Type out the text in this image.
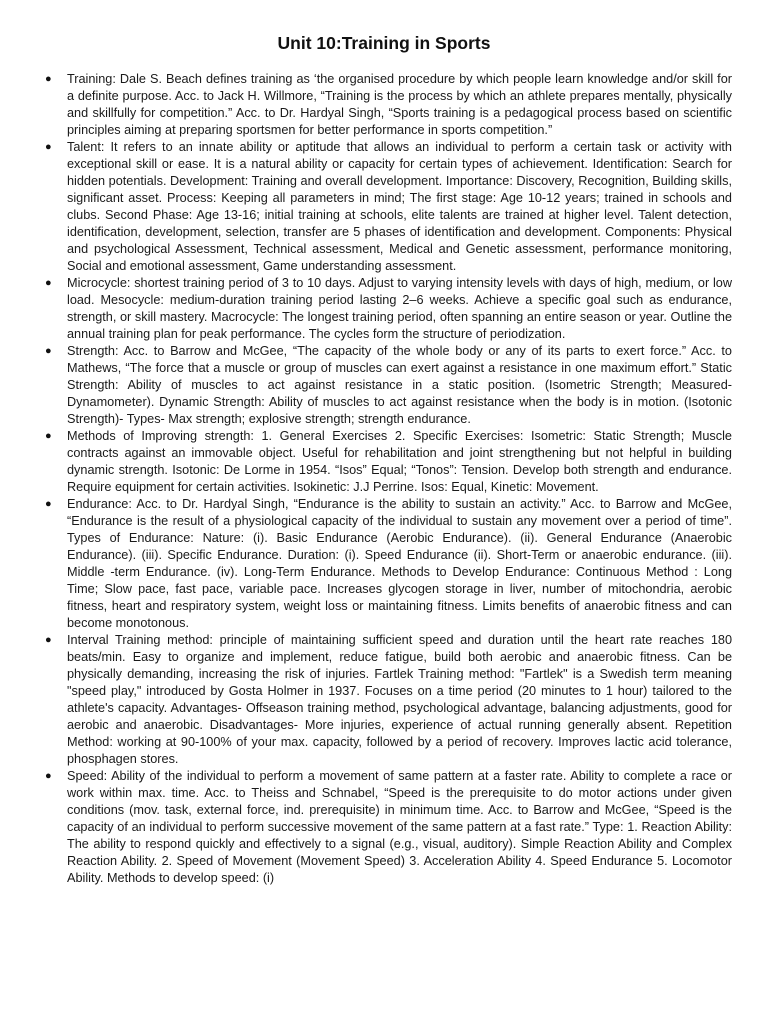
Unit 10:Training in Sports
● Training: Dale S. Beach defines training as ‘the organised procedure by which people learn knowledge and/or skill for a definite purpose. Acc. to Jack H. Willmore, “Training is the process by which an athlete prepares mentally, physically and skillfully for competition.” Acc. to Dr. Hardyal Singh, “Sports training is a pedagogical process based on scientific principles aiming at preparing sportsmen for better performance in sports competition.”
● Talent: It refers to an innate ability or aptitude that allows an individual to perform a certain task or activity with exceptional skill or ease. It is a natural ability or capacity for certain types of achievement. Identification: Search for hidden potentials. Development: Training and overall development. Importance: Discovery, Recognition, Building skills, significant asset. Process: Keeping all parameters in mind; The first stage: Age 10-12 years; trained in schools and clubs. Second Phase: Age 13-16; initial training at schools, elite talents are trained at higher level. Talent detection, identification, development, selection, transfer are 5 phases of identification and development. Components: Physical and psychological Assessment, Technical assessment, Medical and Genetic assessment, performance monitoring, Social and emotional assessment, Game understanding assessment.
● Microcycle: shortest training period of 3 to 10 days. Adjust to varying intensity levels with days of high, medium, or low load. Mesocycle: medium-duration training period lasting 2–6 weeks. Achieve a specific goal such as endurance, strength, or skill mastery. Macrocycle: The longest training period, often spanning an entire season or year. Outline the annual training plan for peak performance. The cycles form the structure of periodization.
● Strength: Acc. to Barrow and McGee, “The capacity of the whole body or any of its parts to exert force.” Acc. to Mathews, “The force that a muscle or group of muscles can exert against a resistance in one maximum effort.” Static Strength: Ability of muscles to act against resistance in a static position. (Isometric Strength; Measured- Dynamometer). Dynamic Strength: Ability of muscles to act against resistance when the body is in motion. (Isotonic Strength)- Types- Max strength; explosive strength; strength endurance.
● Methods of Improving strength: 1. General Exercises 2. Specific Exercises: Isometric: Static Strength; Muscle contracts against an immovable object. Useful for rehabilitation and joint strengthening but not helpful in building dynamic strength. Isotonic: De Lorme in 1954. “Isos” Equal; “Tonos”: Tension. Develop both strength and endurance. Require equipment for certain activities. Isokinetic: J.J Perrine. Isos: Equal, Kinetic: Movement.
● Endurance: Acc. to Dr. Hardyal Singh, “Endurance is the ability to sustain an activity.” Acc. to Barrow and McGee, “Endurance is the result of a physiological capacity of the individual to sustain any movement over a period of time”. Types of Endurance: Nature: (i). Basic Endurance (Aerobic Endurance). (ii). General Endurance (Anaerobic Endurance). (iii). Specific Endurance. Duration: (i). Speed Endurance (ii). Short-Term or anaerobic endurance. (iii). Middle -term Endurance. (iv). Long-Term Endurance. Methods to Develop Endurance: Continuous Method : Long Time; Slow pace, fast pace, variable pace. Increases glycogen storage in liver, number of mitochondria, aerobic fitness, heart and respiratory system, weight loss or maintaining fitness. Limits benefits of anaerobic fitness and can become monotonous.
● Interval Training method: principle of maintaining sufficient speed and duration until the heart rate reaches 180 beats/min. Easy to organize and implement, reduce fatigue, build both aerobic and anaerobic fitness. Can be physically demanding, increasing the risk of injuries. Fartlek Training method: "Fartlek" is a Swedish term meaning "speed play," introduced by Gosta Holmer in 1937. Focuses on a time period (20 minutes to 1 hour) tailored to the athlete's capacity. Advantages- Offseason training method, psychological advantage, balancing adjustments, good for aerobic and anaerobic. Disadvantages- More injuries, experience of actual running generally absent. Repetition Method: working at 90-100% of your max. capacity, followed by a period of recovery. Improves lactic acid tolerance, phosphagen stores.
● Speed: Ability of the individual to perform a movement of same pattern at a faster rate. Ability to complete a race or work within max. time. Acc. to Theiss and Schnabel, “Speed is the prerequisite to do motor actions under given conditions (mov. task, external force, ind. prerequisite) in minimum time. Acc. to Barrow and McGee, “Speed is the capacity of an individual to perform successive movement of the same pattern at a fast rate.” Type: 1. Reaction Ability: The ability to respond quickly and effectively to a signal (e.g., visual, auditory). Simple Reaction Ability and Complex Reaction Ability. 2. Speed of Movement (Movement Speed) 3. Acceleration Ability 4. Speed Endurance 5. Locomotor Ability. Methods to develop speed: (i)
